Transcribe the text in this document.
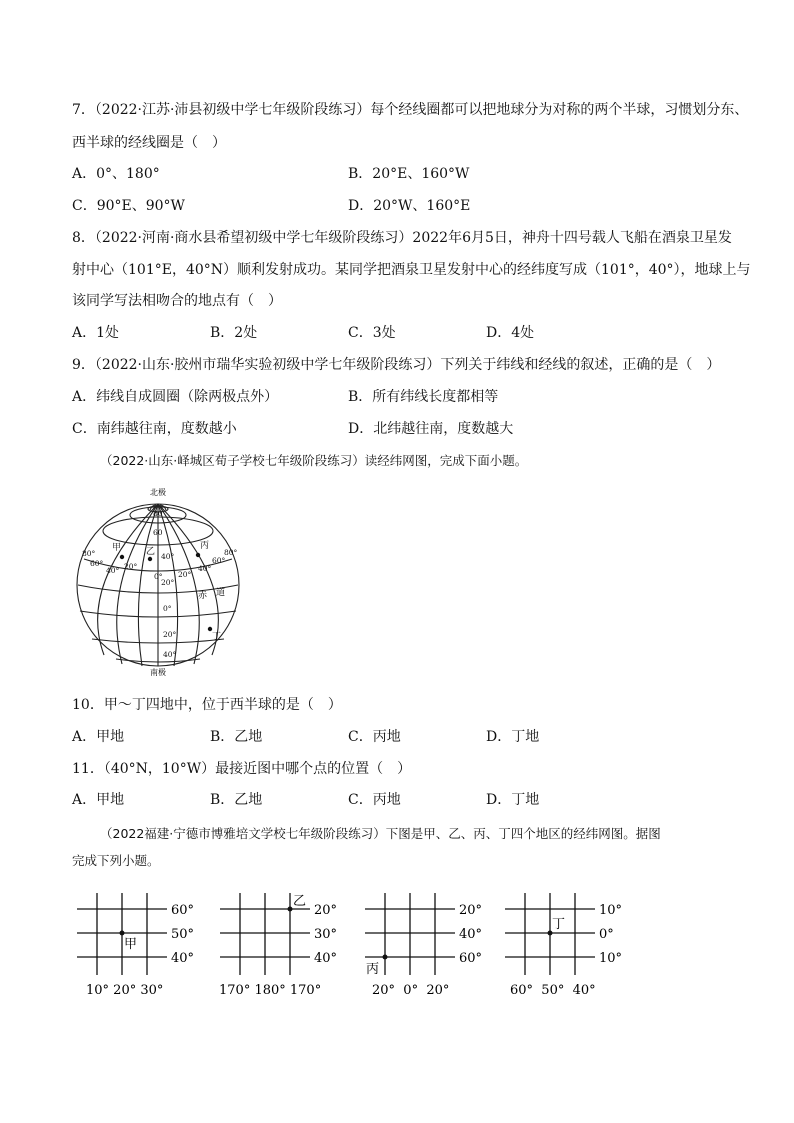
7．（2022·江苏·沛县初级中学七年级阶段练习）每个经线圈都可以把地球分为对称的两个半球，习惯划分东、
西半球的经线圈是（　）
A．0°、180°	B．20°E、160°W
C．90°E、90°W	D．20°W、160°E
8．（2022·河南·商水县希望初级中学七年级阶段练习）2022年6月5日，神舟十四号载人飞船在酒泉卫星发
射中心（101°E，40°N）顺利发射成功。某同学把酒泉卫星发射中心的经纬度写成（101°，40°），地球上与
该同学写法相吻合的地点有（　）
A．1处	B．2处	C．3处	D．4处
9．（2022·山东·胶州市瑞华实验初级中学七年级阶段练习）下列关于纬线和经线的叙述，正确的是（　）
A．纬线自成圆圈（除两极点外）	B．所有纬线长度都相等
C．南纬越往南，度数越小	D．北纬越往南，度数越大
（2022·山东·峄城区荀子学校七年级阶段练习）读经纬网图，完成下面小题。
北极
南极
80
60
40°
20°
0°
20°
40°
80°
60°
40° 20°
0° 20°
40°
60°
80°
赤 道
甲	乙
丙
丁
10．甲～丁四地中，位于西半球的是（　）
A．甲地	B．乙地	C．丙地	D．丁地
11．（40°N，10°W）最接近图中哪个点的位置（　）
A．甲地	B．乙地	C．丙地	D．丁地
（2022福建·宁德市博雅培文学校七年级阶段练习）下图是甲、乙、丙、丁四个地区的经纬网图。据图
完成下列小题。
甲
60°
50°
40°
10° 20° 30°
乙
20°
30°
40°
170° 180° 170°
丙
20°
40°
60°
20°  0°  20°
丁
10°
0°
10°
60°  50°  40°
